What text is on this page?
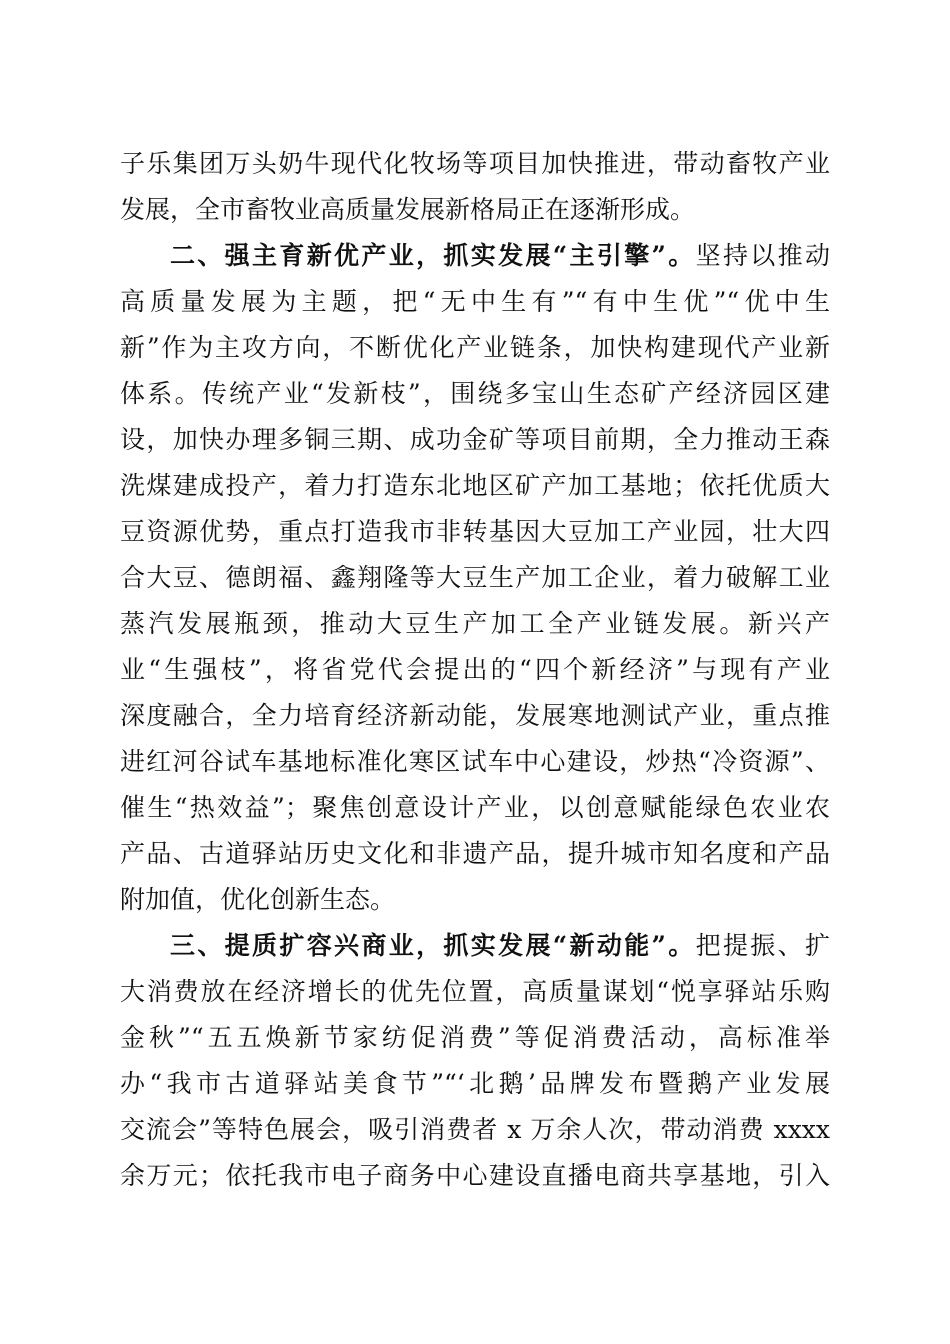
子乐集团万头奶牛现代化牧场等项目加快推进，带动畜牧产业
发展，全市畜牧业高质量发展新格局正在逐渐形成。
二、强主育新优产业，抓实发展“主引擎”。坚持以推动
高质量发展为主题，把“无中生有”“有中生优”“优中生
新”作为主攻方向，不断优化产业链条，加快构建现代产业新
体系。传统产业“发新枝”，围绕多宝山生态矿产经济园区建
设，加快办理多铜三期、成功金矿等项目前期，全力推动王森
洗煤建成投产，着力打造东北地区矿产加工基地；依托优质大
豆资源优势，重点打造我市非转基因大豆加工产业园，壮大四
合大豆、德朗福、鑫翔隆等大豆生产加工企业，着力破解工业
蒸汽发展瓶颈，推动大豆生产加工全产业链发展。新兴产
业“生强枝”，将省党代会提出的“四个新经济”与现有产业
深度融合，全力培育经济新动能，发展寒地测试产业，重点推
进红河谷试车基地标准化寒区试车中心建设，炒热“冷资源”、
催生“热效益”；聚焦创意设计产业，以创意赋能绿色农业农
产品、古道驿站历史文化和非遗产品，提升城市知名度和产品
附加值，优化创新生态。
三、提质扩容兴商业，抓实发展“新动能”。把提振、扩
大消费放在经济增长的优先位置，高质量谋划“悦享驿站乐购
金秋”“五五焕新节家纺促消费”等促消费活动，高标准举
办“我市古道驿站美食节”“‘北鹅’品牌发布暨鹅产业发展
交流会”等特色展会，吸引消费者 x 万余人次，带动消费 xxxx
余万元；依托我市电子商务中心建设直播电商共享基地，引入
